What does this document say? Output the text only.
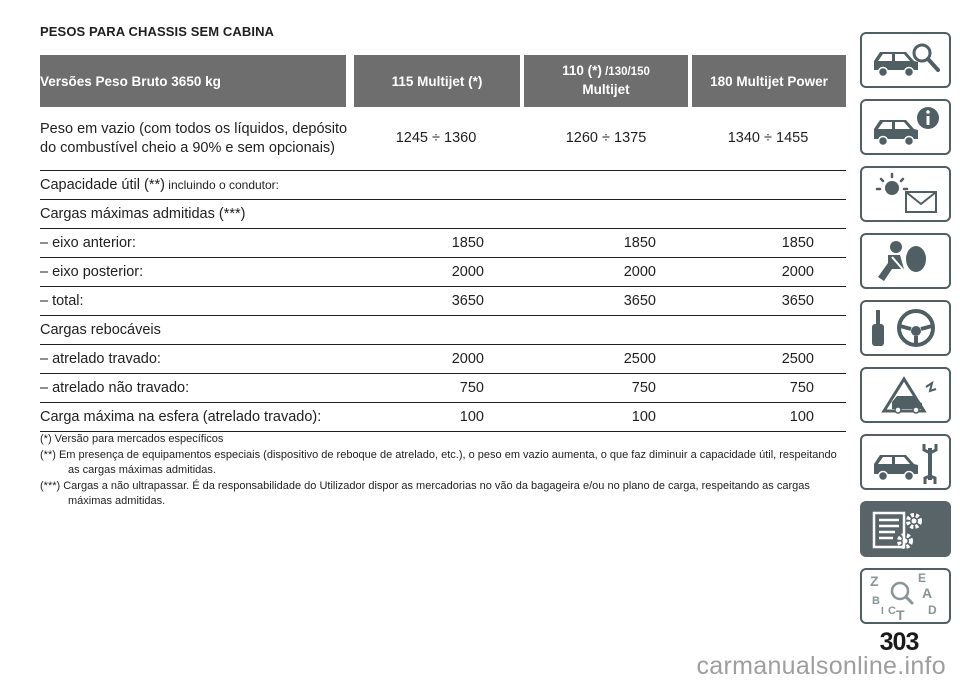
PESOS PARA CHASSIS SEM CABINA
Versões Peso Bruto 3650 kg	115 Multijet (*)	110 (*) /130/150
Multijet	180 Multijet Power
Peso em vazio (com todos os líquidos, depósito do combustível cheio a 90% e sem opcionais)	1245 ÷ 1360	1260 ÷ 1375	1340 ÷ 1455
Capacidade útil (**) incluindo o condutor:			
Cargas máximas admitidas (***)			
– eixo anterior:	1850	1850	1850
– eixo posterior:	2000	2000	2000
– total:	3650	3650	3650
Cargas rebocáveis			
– atrelado travado:	2000	2500	2500
– atrelado não travado:	750	750	750
Carga máxima na esfera (atrelado travado):	100	100	100
(*) Versão para mercados específicos
(**) Em presença de equipamentos especiais (dispositivo de reboque de atrelado, etc.), o peso em vazio aumenta, o que faz diminuir a capacidade útil, respeitando as cargas máximas admitidas.
(***) Cargas a não ultrapassar. É da responsabilidade do Utilizador dispor as mercadorias no vão da bagageira e/ou no plano de carga, respeitando as cargas máximas admitidas.
Z	E
A
B
C T D
I
303
carmanualsonline.info
